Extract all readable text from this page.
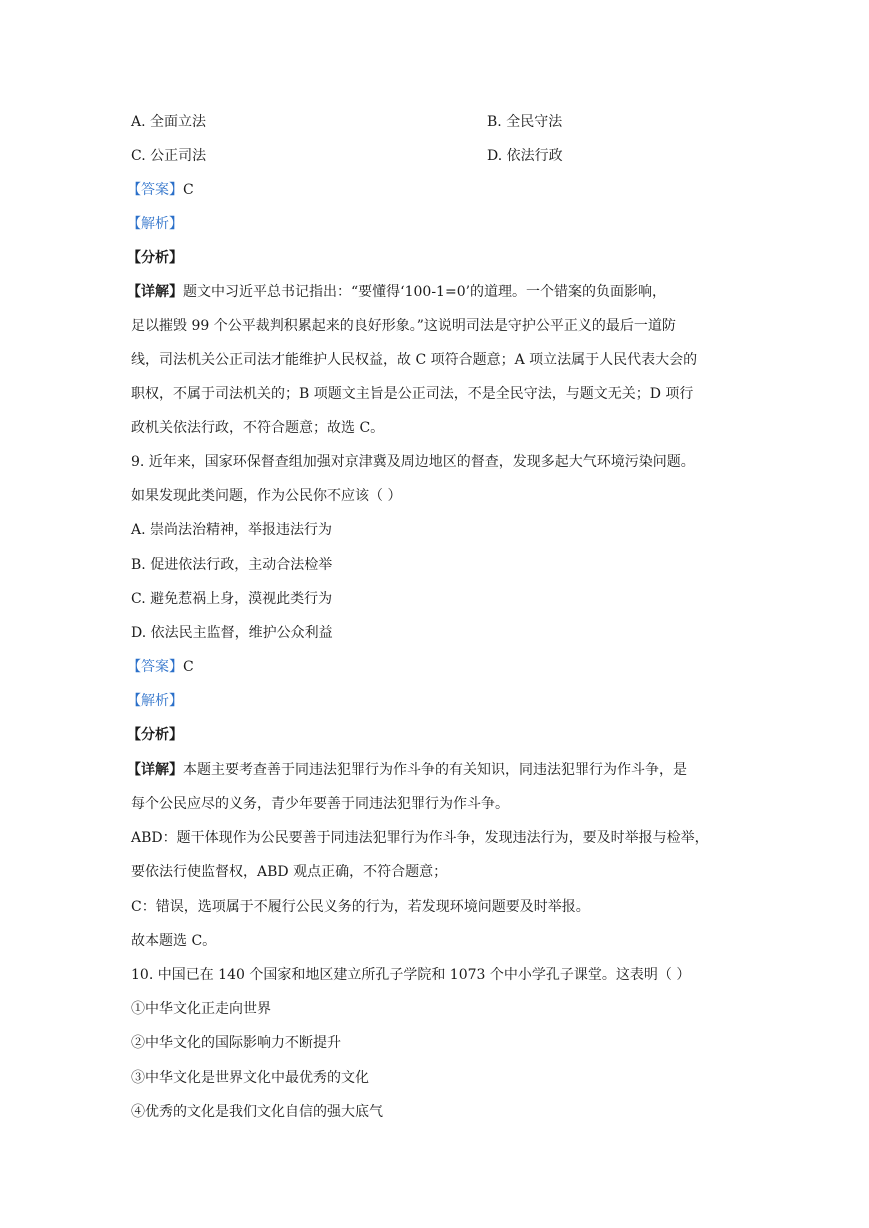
A. 全面立法	B. 全民守法
C. 公正司法	D. 依法行政
【答案】C
【解析】
【分析】
【详解】题文中习近平总书记指出：“要懂得‘100-1=0’的道理。一个错案的负面影响，
足以摧毁 99 个公平裁判积累起来的良好形象。”这说明司法是守护公平正义的最后一道防
线，司法机关公正司法才能维护人民权益，故 C 项符合题意；A 项立法属于人民代表大会的
职权，不属于司法机关的；B 项题文主旨是公正司法，不是全民守法，与题文无关；D 项行
政机关依法行政，不符合题意；故选 C。
9. 近年来，国家环保督查组加强对京津冀及周边地区的督查，发现多起大气环境污染问题。
如果发现此类问题，作为公民你不应该（ ）
A. 崇尚法治精神，举报违法行为
B. 促进依法行政，主动合法检举
C. 避免惹祸上身，漠视此类行为
D. 依法民主监督，维护公众利益
【答案】C
【解析】
【分析】
【详解】本题主要考查善于同违法犯罪行为作斗争的有关知识，同违法犯罪行为作斗争，是
每个公民应尽的义务，青少年要善于同违法犯罪行为作斗争。
ABD：题干体现作为公民要善于同违法犯罪行为作斗争，发现违法行为，要及时举报与检举，
要依法行使监督权，ABD 观点正确，不符合题意；
C：错误，选项属于不履行公民义务的行为，若发现环境问题要及时举报。
故本题选 C。
10. 中国已在 140 个国家和地区建立所孔子学院和 1073 个中小学孔子课堂。这表明（ ）
①中华文化正走向世界
②中华文化的国际影响力不断提升
③中华文化是世界文化中最优秀的文化
④优秀的文化是我们文化自信的强大底气
